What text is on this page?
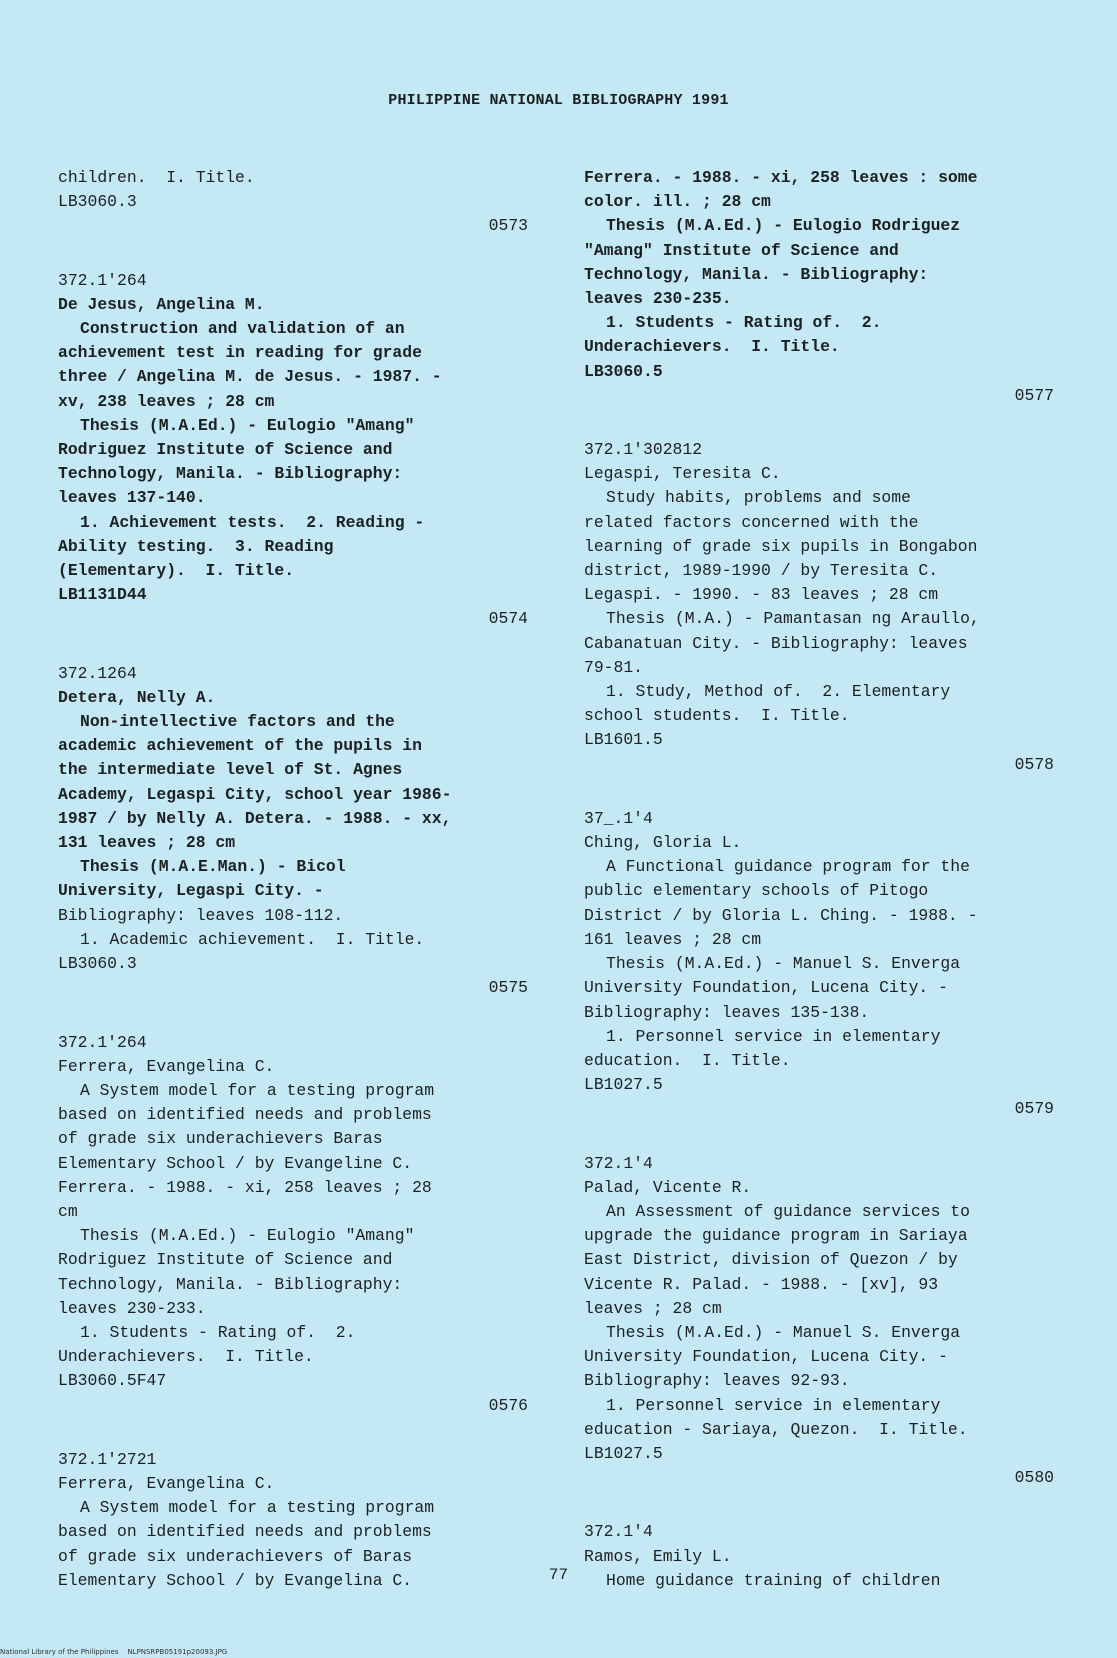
PHILIPPINE NATIONAL BIBLIOGRAPHY 1991
children.  I. Title.
LB3060.3
0573
372.1'264
De Jesus, Angelina M.
Construction and validation of an
achievement test in reading for grade
three / Angelina M. de Jesus. - 1987. -
xv, 238 leaves ; 28 cm
Thesis (M.A.Ed.) - Eulogio "Amang"
Rodriguez Institute of Science and
Technology, Manila. - Bibliography:
leaves 137-140.
1. Achievement tests.  2. Reading -
Ability testing.  3. Reading
(Elementary).  I. Title.
LB1131D44
0574
372.1264
Detera, Nelly A.
Non-intellective factors and the
academic achievement of the pupils in
the intermediate level of St. Agnes
Academy, Legaspi City, school year 1986-
1987 / by Nelly A. Detera. - 1988. - xx,
131 leaves ; 28 cm
Thesis (M.A.E.Man.) - Bicol
University, Legaspi City. -
Bibliography: leaves 108-112.
1. Academic achievement.  I. Title.
LB3060.3
0575
372.1'264
Ferrera, Evangelina C.
A System model for a testing program
based on identified needs and problems
of grade six underachievers Baras
Elementary School / by Evangeline C.
Ferrera. - 1988. - xi, 258 leaves ; 28
cm
Thesis (M.A.Ed.) - Eulogio "Amang"
Rodriguez Institute of Science and
Technology, Manila. - Bibliography:
leaves 230-233.
1. Students - Rating of.  2.
Underachievers.  I. Title.
LB3060.5F47
0576
372.1'2721
Ferrera, Evangelina C.
A System model for a testing program
based on identified needs and problems
of grade six underachievers of Baras
Elementary School / by Evangelina C.
Ferrera. - 1988. - xi, 258 leaves : some
color. ill. ; 28 cm
Thesis (M.A.Ed.) - Eulogio Rodriguez
"Amang" Institute of Science and
Technology, Manila. - Bibliography:
leaves 230-235.
1. Students - Rating of.  2.
Underachievers.  I. Title.
LB3060.5
0577
372.1'302812
Legaspi, Teresita C.
Study habits, problems and some
related factors concerned with the
learning of grade six pupils in Bongabon
district, 1989-1990 / by Teresita C.
Legaspi. - 1990. - 83 leaves ; 28 cm
Thesis (M.A.) - Pamantasan ng Araullo,
Cabanatuan City. - Bibliography: leaves
79-81.
1. Study, Method of.  2. Elementary
school students.  I. Title.
LB1601.5
0578
37_.1'4
Ching, Gloria L.
A Functional guidance program for the
public elementary schools of Pitogo
District / by Gloria L. Ching. - 1988. -
161 leaves ; 28 cm
Thesis (M.A.Ed.) - Manuel S. Enverga
University Foundation, Lucena City. -
Bibliography: leaves 135-138.
1. Personnel service in elementary
education.  I. Title.
LB1027.5
0579
372.1'4
Palad, Vicente R.
An Assessment of guidance services to
upgrade the guidance program in Sariaya
East District, division of Quezon / by
Vicente R. Palad. - 1988. - [xv], 93
leaves ; 28 cm
Thesis (M.A.Ed.) - Manuel S. Enverga
University Foundation, Lucena City. -
Bibliography: leaves 92-93.
1. Personnel service in elementary
education - Sariaya, Quezon.  I. Title.
LB1027.5
0580
372.1'4
Ramos, Emily L.
Home guidance training of children
77
National Library of the Philippines    NLPNSRPB05191p20093.JPG
